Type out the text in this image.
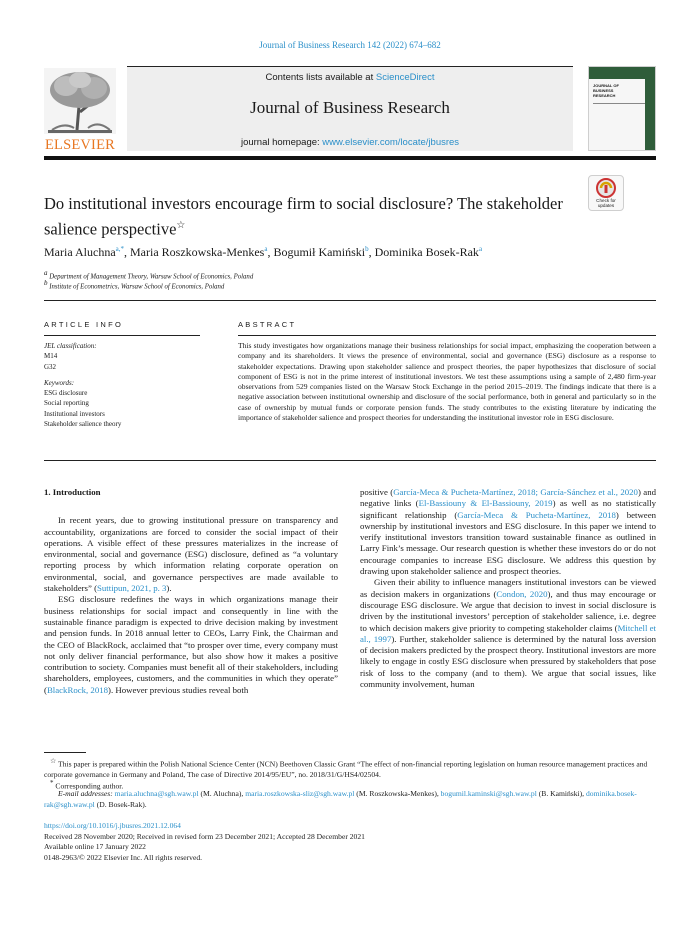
Journal of Business Research 142 (2022) 674–682
ELSEVIER
Contents lists available at ScienceDirect
Journal of Business Research
journal homepage: www.elsevier.com/locate/jbusres
JOURNAL OF BUSINESS RESEARCH
Do institutional investors encourage firm to social disclosure? The stakeholder salience perspective☆
Check for updates
Maria Aluchna$^{a,*}$, Maria Roszkowska-Menkes$^a$, Bogumił Kamiński$^b$, Dominika Bosek-Rak$^a$
$^a$ Department of Management Theory, Warsaw School of Economics, Poland
$^b$ Institute of Econometrics, Warsaw School of Economics, Poland
ARTICLE INFO	ABSTRACT
JEL classification:
M14
G32
Keywords:
ESG disclosure
Social reporting
Institutional investors
Stakeholder salience theory
This study investigates how organizations manage their business relationships for social impact, emphasizing the cooperation between a company and its shareholders. It views the presence of environmental, social and governance (ESG) disclosure as a response to stakeholder expectations. Drawing upon stakeholder salience and prospect theories, the paper hypothesizes that disclosure of social component of ESG is not in the prime interest of institutional investors. We test these assumptions using a sample of 2,480 firm-year observations from 529 companies listed on the Warsaw Stock Exchange in the period 2015–2019. The findings indicate that there is a negative association between institutional ownership and disclosure of the social performance, both in general and particularly so in the case of ownership by mutual funds or corporate pension funds. The study contributes to the existing literature by indicating the importance of stakeholder salience and prospect theories for understanding the institutional investor role in ESG disclosure.
1. Introduction

In recent years, due to growing institutional pressure on transparency and accountability, organizations are forced to consider the social impact of their operations. A visible effect of these pressures materializes in the increase of environmental, social and governance (ESG) disclosure, defined as “a voluntary reporting process by which information relating corporate operation on environmental, social, and governance perspectives are made available to stakeholders” (Suttipun, 2021, p. 3).

ESG disclosure redefines the ways in which organizations manage their business relationships for social impact and consequently in line with the sustainable finance paradigm is expected to drive decision making by investment and pension funds. In 2018 annual letter to CEOs, Larry Fink, the Chairman and the CEO of BlackRock, acclaimed that “to prosper over time, every company must not only deliver financial performance, but also show how it makes a positive contribution to society. Companies must benefit all of their stakeholders, including shareholders, employees, customers, and the communities in which they operate” (BlackRock, 2018). However previous studies reveal both

positive (García-Meca & Pucheta-Martínez, 2018; García-Sánchez et al., 2020) and negative links (El-Bassiouny & El-Bassiouny, 2019) as well as no statistically significant relationship (García-Meca & Pucheta-Martínez, 2018) between ownership by institutional investors and ESG disclosure. In this paper we intend to verify institutional investors transition toward sustainable finance as outlined in Larry Fink’s message. Our research question is whether these investors do or do not encourage companies to increase ESG disclosure. We address this question by drawing upon stakeholder salience and prospect theories.

Given their ability to influence managers institutional investors can be viewed as decision makers in organizations (Condon, 2020), and thus may encourage or discourage ESG disclosure. We argue that decision to invest in social disclosure is driven by the institutional investors’ perception of stakeholder salience, i.e. degree to which decision makers give priority to competing stakeholder claims (Mitchell et al., 1997). Further, stakeholder salience is determined by the natural loss aversion of decision makers predicted by the prospect theory. Institutional investors are more likely to engage in costly ESG disclosure when pressured by stakeholders that pose risk of loss to the company (and to them). We argue that social issues, like community involvement, human

☆ This paper is prepared within the Polish National Science Center (NCN) Beethoven Classic Grant “The effect of non-financial reporting legislation on human resource management practices and corporate governance in Germany and Poland, The case of Directive 2014/95/EU”, no. 2018/31/G/HS4/02504.
* Corresponding author.
E-mail addresses: maria.aluchna@sgh.waw.pl (M. Aluchna), maria.roszkowska-sliz@sgh.waw.pl (M. Roszkowska-Menkes), bogumil.kaminski@sgh.waw.pl (B. Kamiński), dominika.bosek-rak@sgh.waw.pl (D. Bosek-Rak).
https://doi.org/10.1016/j.jbusres.2021.12.064
Received 28 November 2020; Received in revised form 23 December 2021; Accepted 28 December 2021
Available online 17 January 2022
0148-2963/© 2022 Elsevier Inc. All rights reserved.
